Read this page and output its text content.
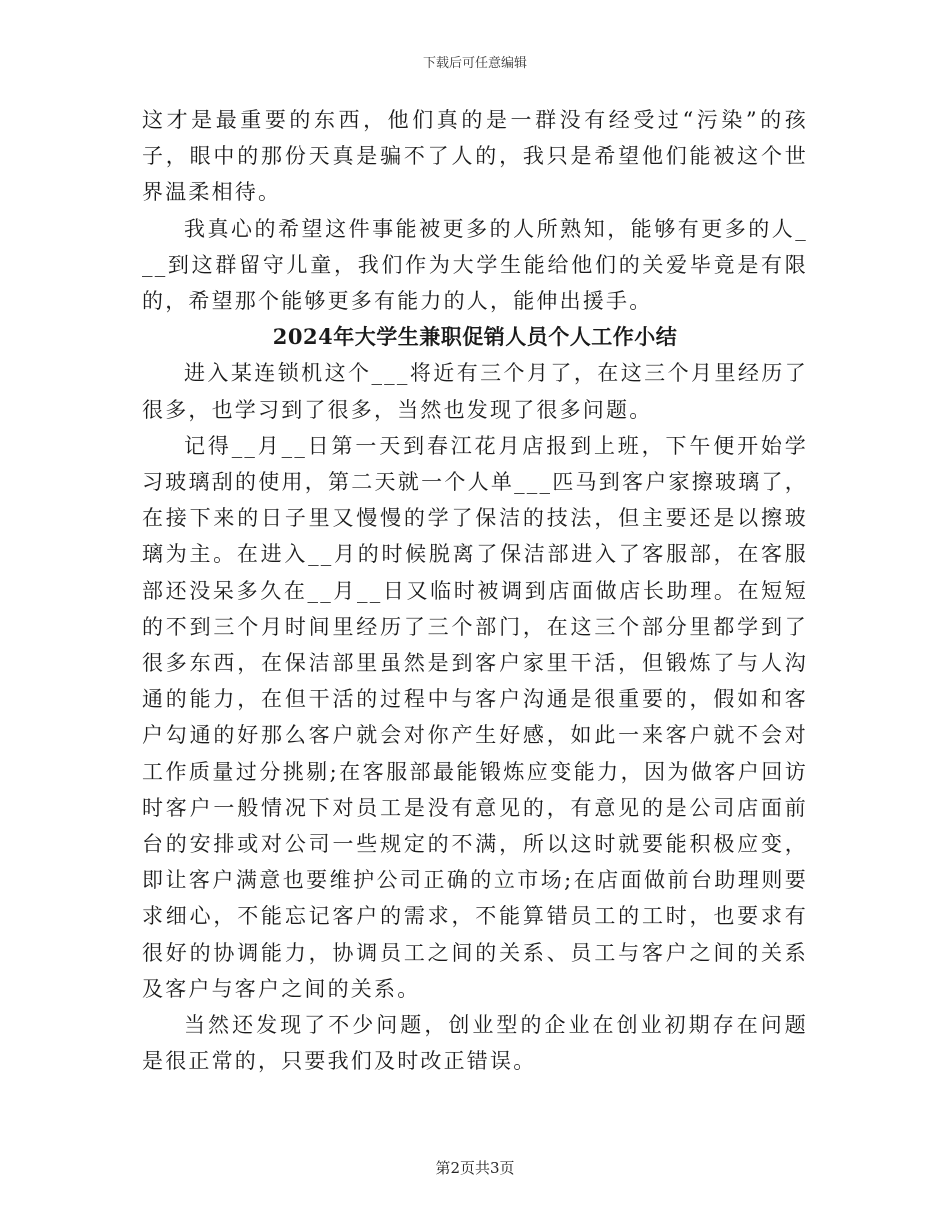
下载后可任意编辑

这才是最重要的东西，他们真的是一群没有经受过“污染”的孩子，眼中的那份天真是骗不了人的，我只是希望他们能被这个世界温柔相待。

我真心的希望这件事能被更多的人所熟知，能够有更多的人___到这群留守儿童，我们作为大学生能给他们的关爱毕竟是有限的，希望那个能够更多有能力的人，能伸出援手。

2024年大学生兼职促销人员个人工作小结

进入某连锁机这个___将近有三个月了，在这三个月里经历了很多，也学习到了很多，当然也发现了很多问题。

记得__月__日第一天到春江花月店报到上班，下午便开始学习玻璃刮的使用，第二天就一个人单___匹马到客户家擦玻璃了，在接下来的日子里又慢慢的学了保洁的技法，但主要还是以擦玻璃为主。在进入__月的时候脱离了保洁部进入了客服部，在客服部还没呆多久在__月__日又临时被调到店面做店长助理。在短短的不到三个月时间里经历了三个部门，在这三个部分里都学到了很多东西，在保洁部里虽然是到客户家里干活，但锻炼了与人沟通的能力，在但干活的过程中与客户沟通是很重要的，假如和客户勾通的好那么客户就会对你产生好感，如此一来客户就不会对工作质量过分挑剔;在客服部最能锻炼应变能力，因为做客户回访时客户一般情况下对员工是没有意见的，有意见的是公司店面前台的安排或对公司一些规定的不满，所以这时就要能积极应变，即让客户满意也要维护公司正确的立市场;在店面做前台助理则要求细心，不能忘记客户的需求，不能算错员工的工时，也要求有很好的协调能力，协调员工之间的关系、员工与客户之间的关系及客户与客户之间的关系。

当然还发现了不少问题，创业型的企业在创业初期存在问题是很正常的，只要我们及时改正错误。

第2页共3页
